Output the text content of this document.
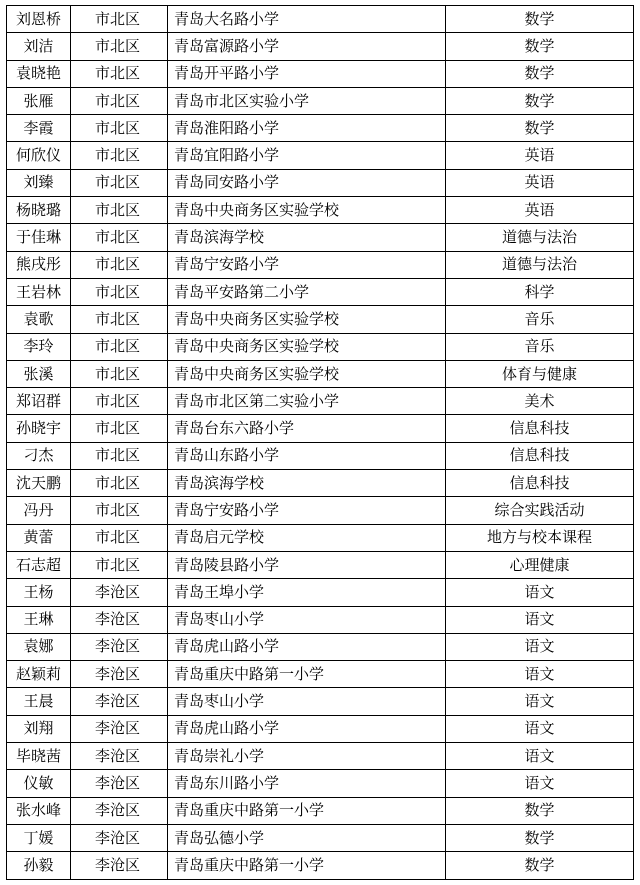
刘恩桥	市北区	青岛大名路小学	数学
刘洁	市北区	青岛富源路小学	数学
袁晓艳	市北区	青岛开平路小学	数学
张雁	市北区	青岛市北区实验小学	数学
李霞	市北区	青岛淮阳路小学	数学
何欣仪	市北区	青岛宜阳路小学	英语
刘臻	市北区	青岛同安路小学	英语
杨晓璐	市北区	青岛中央商务区实验学校	英语
于佳琳	市北区	青岛滨海学校	道德与法治
熊戌彤	市北区	青岛宁安路小学	道德与法治
王岩林	市北区	青岛平安路第二小学	科学
袁歌	市北区	青岛中央商务区实验学校	音乐
李玲	市北区	青岛中央商务区实验学校	音乐
张溪	市北区	青岛中央商务区实验学校	体育与健康
郑诏群	市北区	青岛市北区第二实验小学	美术
孙晓宇	市北区	青岛台东六路小学	信息科技
刁杰	市北区	青岛山东路小学	信息科技
沈天鹏	市北区	青岛滨海学校	信息科技
冯丹	市北区	青岛宁安路小学	综合实践活动
黄蕾	市北区	青岛启元学校	地方与校本课程
石志超	市北区	青岛陵县路小学	心理健康
王杨	李沧区	青岛王埠小学	语文
王琳	李沧区	青岛枣山小学	语文
袁娜	李沧区	青岛虎山路小学	语文
赵颖莉	李沧区	青岛重庆中路第一小学	语文
王晨	李沧区	青岛枣山小学	语文
刘翔	李沧区	青岛虎山路小学	语文
毕晓茜	李沧区	青岛崇礼小学	语文
仪敏	李沧区	青岛东川路小学	语文
张水峰	李沧区	青岛重庆中路第一小学	数学
丁媛	李沧区	青岛弘德小学	数学
孙毅	李沧区	青岛重庆中路第一小学	数学
